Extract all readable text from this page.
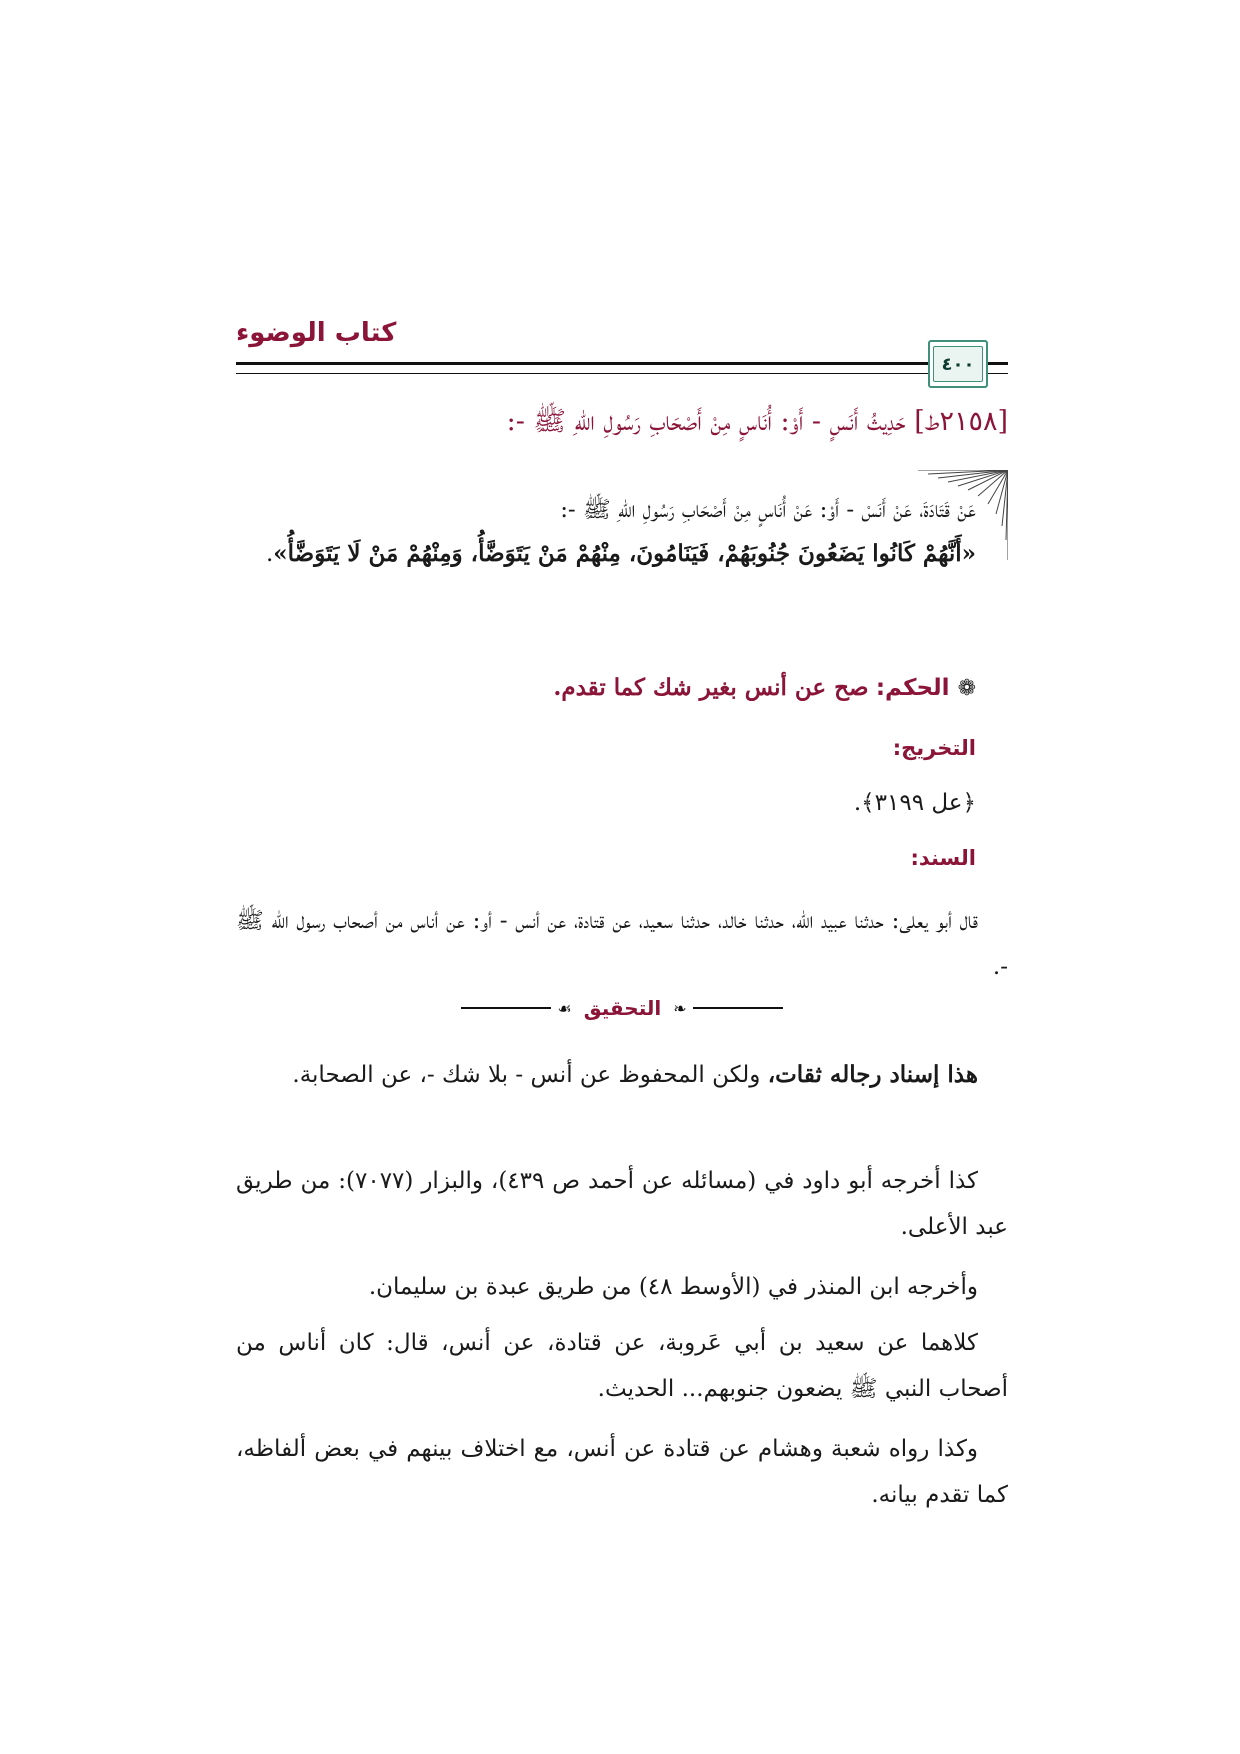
كتاب الوضوء
٤٠٠
[٢١٥٨ط] حَدِيثُ أَنَسٍ - أَوْ: أُنَاسٍ مِنْ أَصْحَابِ رَسُولِ اللهِ ﷺ -:
عَنْ قَتَادَةَ، عَنْ أَنَسْ - أَوْ: عَنْ أُنَاسٍ مِنْ أَصْحَابِ رَسُولِ اللهِ ﷺ -:
«أَنَّهُمْ كَانُوا يَضَعُونَ جُنُوبَهُمْ، فَيَنَامُونَ، مِنْهُمْ مَنْ يَتَوَضَّأُ، وَمِنْهُمْ مَنْ لَا يَتَوَضَّأُ».
❁الحكم: صح عن أنس بغير شك كما تقدم.
التخريج:
﴿عل ٣١٩٩﴾.
السند:
قال أبو يعلى: حدثنا عبيد الله، حدثنا خالد، حدثنا سعيد، عن قتادة، عن أنس - أو: عن أناس من أصحاب رسول الله ﷺ -.
❧
التحقيق
☙
هذا إسناد رجاله ثقات، ولكن المحفوظ عن أنس - بلا شك -، عن الصحابة.
كذا أخرجه أبو داود في (مسائله عن أحمد ص ٤٣٩)، والبزار (٧٠٧٧): من طريق عبد الأعلى.
وأخرجه ابن المنذر في (الأوسط ٤٨) من طريق عبدة بن سليمان.
كلاهما عن سعيد بن أبي عَروبة، عن قتادة، عن أنس، قال: كان أناس من أصحاب النبي ﷺ يضعون جنوبهم... الحديث.
وكذا رواه شعبة وهشام عن قتادة عن أنس، مع اختلاف بينهم في بعض ألفاظه، كما تقدم بيانه.
